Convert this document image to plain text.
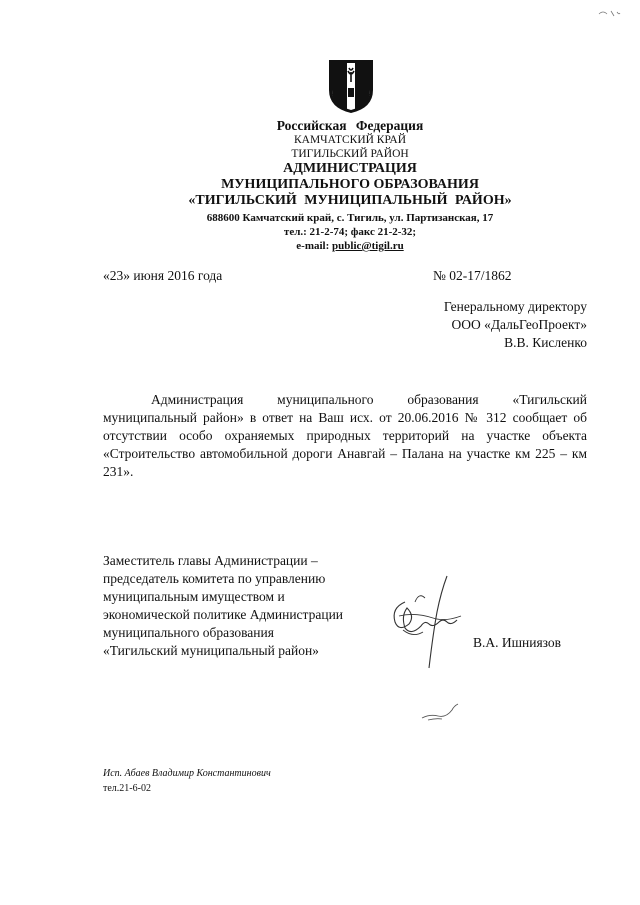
Российская Федерация
КАМЧАТСКИЙ КРАЙ
ТИГИЛЬСКИЙ РАЙОН
АДМИНИСТРАЦИЯ
МУНИЦИПАЛЬНОГО ОБРАЗОВАНИЯ
«ТИГИЛЬСКИЙ МУНИЦИПАЛЬНЫЙ РАЙОН»
688600 Камчатский край, с. Тигиль, ул. Партизанская, 17
тел.: 21-2-74; факс 21-2-32;
e-mail: public@tigil.ru
«23» июня 2016 года	№ 02-17/1862
Генеральному директору
ООО «ДальГеоПроект»
В.В. Кисленко
Администрация муниципального образования «Тигильский муниципальный район» в ответ на Ваш исх. от 20.06.2016 № 312 сообщает об отсутствии особо охраняемых природных территорий на участке объекта «Строительство автомобильной дороги Анавгай – Палана на участке км 225 – км 231».
Заместитель главы Администрации –
председатель комитета по управлению
муниципальным имуществом и
экономической политике Администрации
муниципального образования
«Тигильский муниципальный район»
В.А. Ишниязов
Исп. Абаев Владимир Константинович
тел.21-6-02
